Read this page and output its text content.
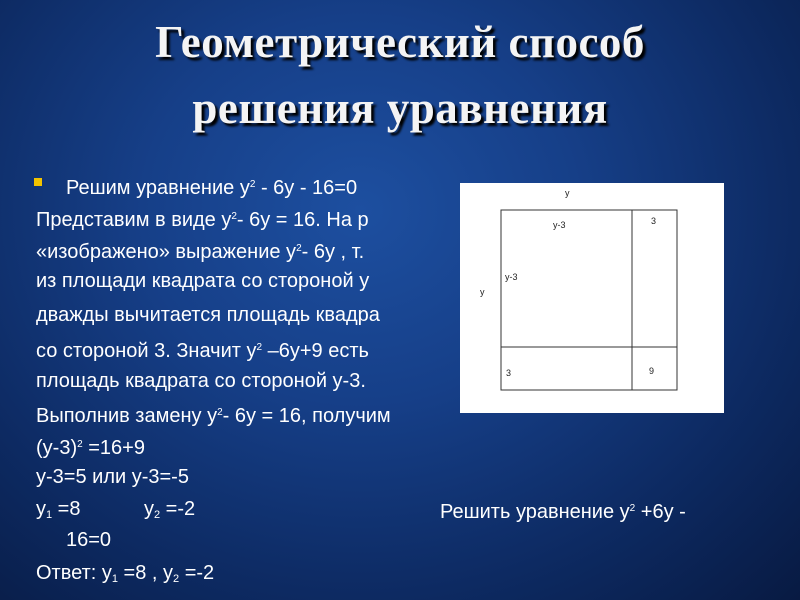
Геометрический способ
решения уравнения
Решим уравнение $у^2 - 6у - 16=0$
Представим в виде $у^2-$ 6у = 16. На р
«изображено» выражение $у^2-$ 6у , т.
из площади квадрата со стороной у
дважды вычитается площадь квадра
со стороной 3. Значит $у^2$ –6у+9 есть
площадь квадрата со стороной у-3.
Выполнив замену $у^2-$ 6у = 16, получим
$(у-3)^2 =16+9$
у-3=5 или у-3=-5
$у_1 =8$	$у_2 =-2$	Решить уравнение $у^2 +6у$ -
16=0
Ответ: $у_1 =8$ , $у_2 =-2$
у
у
у-3	3
у-3
3	9
